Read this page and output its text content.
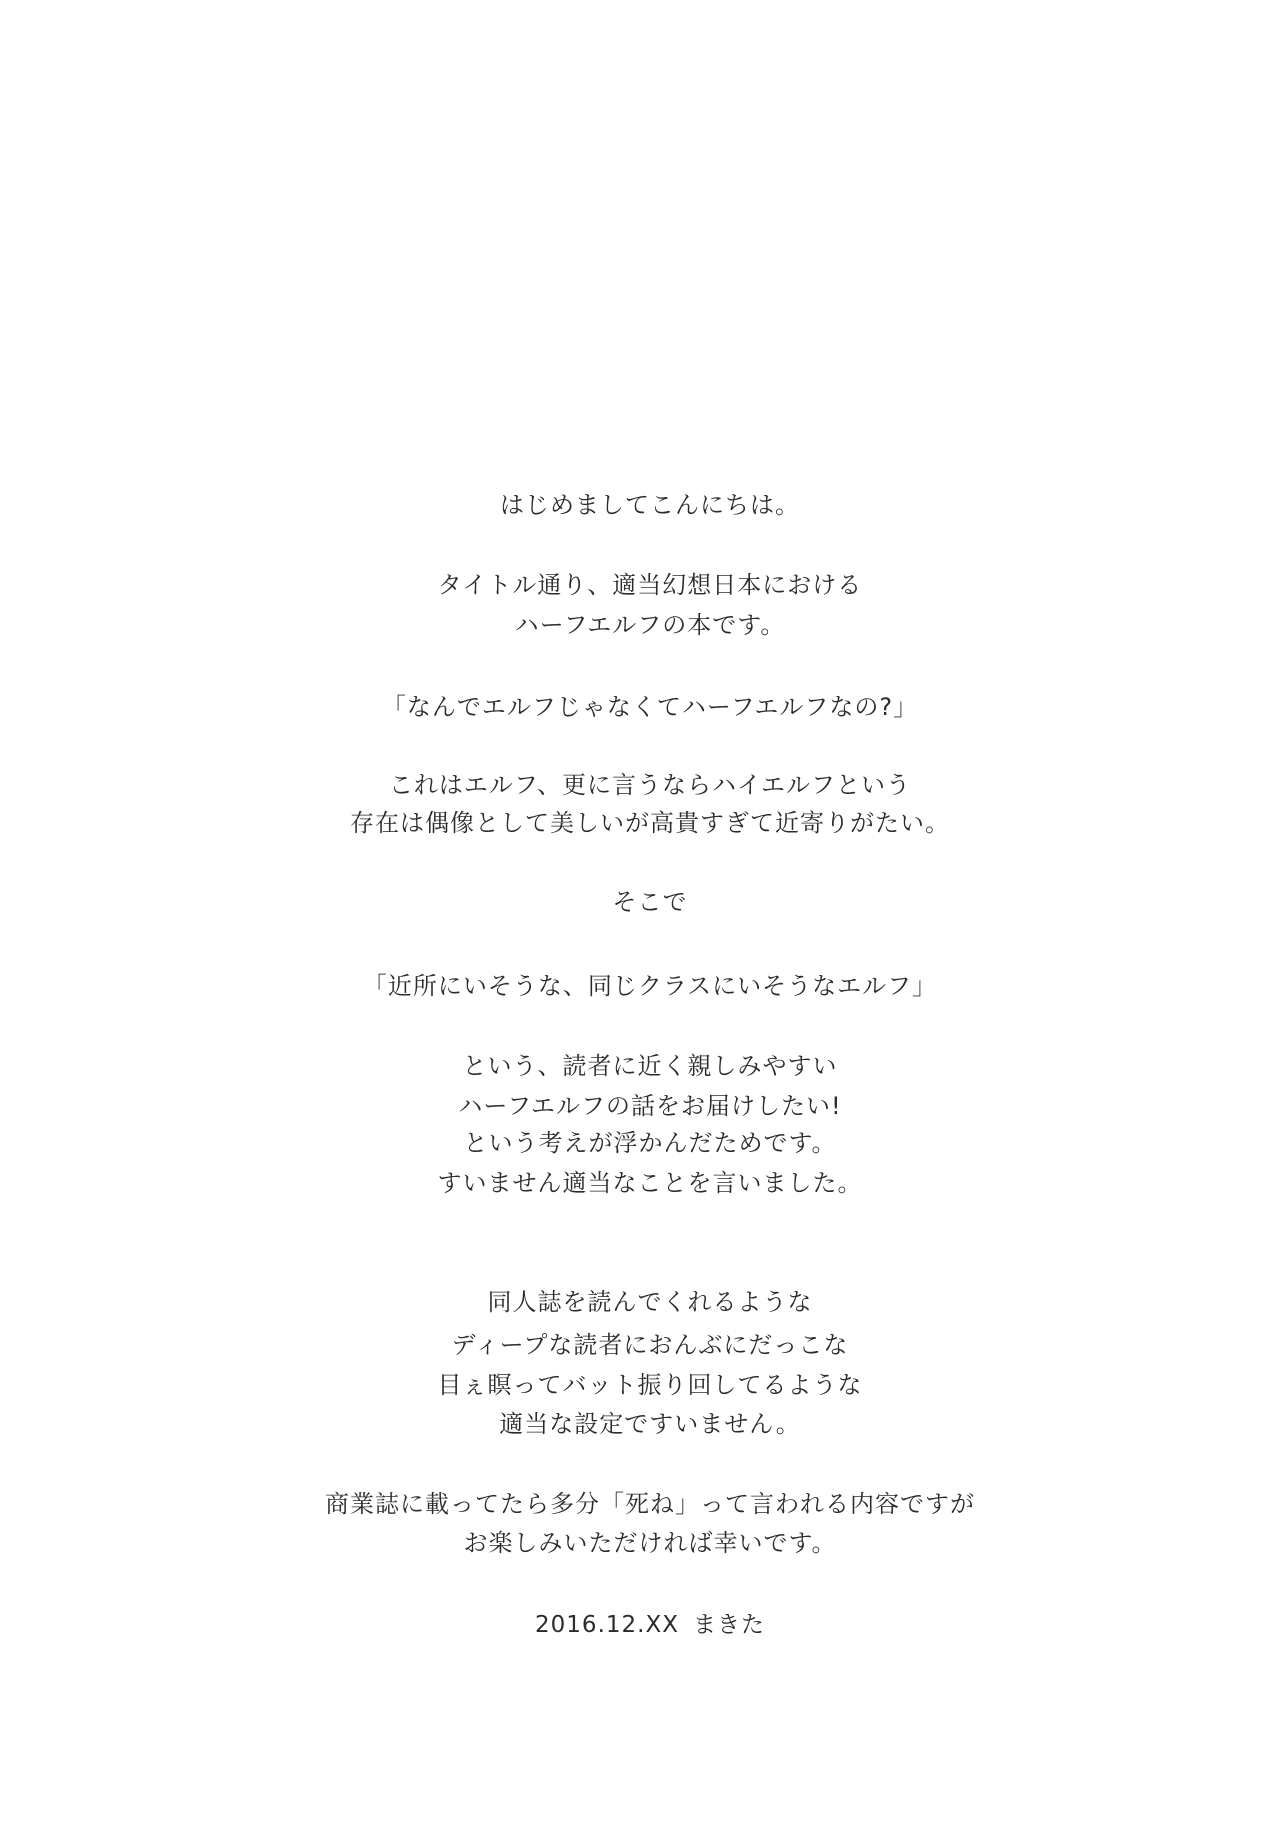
はじめましてこんにちは。
タイトル通り、適当幻想日本における
ハーフエルフの本です。
「なんでエルフじゃなくてハーフエルフなの?」
これはエルフ、更に言うならハイエルフという
存在は偶像として美しいが高貴すぎて近寄りがたい。
そこで
「近所にいそうな、同じクラスにいそうなエルフ」
という、読者に近く親しみやすい
ハーフエルフの話をお届けしたい!
という考えが浮かんだためです。
すいません適当なことを言いました。
同人誌を読んでくれるような
ディープな読者におんぶにだっこな
目ぇ瞑ってバット振り回してるような
適当な設定ですいません。
商業誌に載ってたら多分「死ね」って言われる内容ですが
お楽しみいただければ幸いです。
2016.12.XX まきた
